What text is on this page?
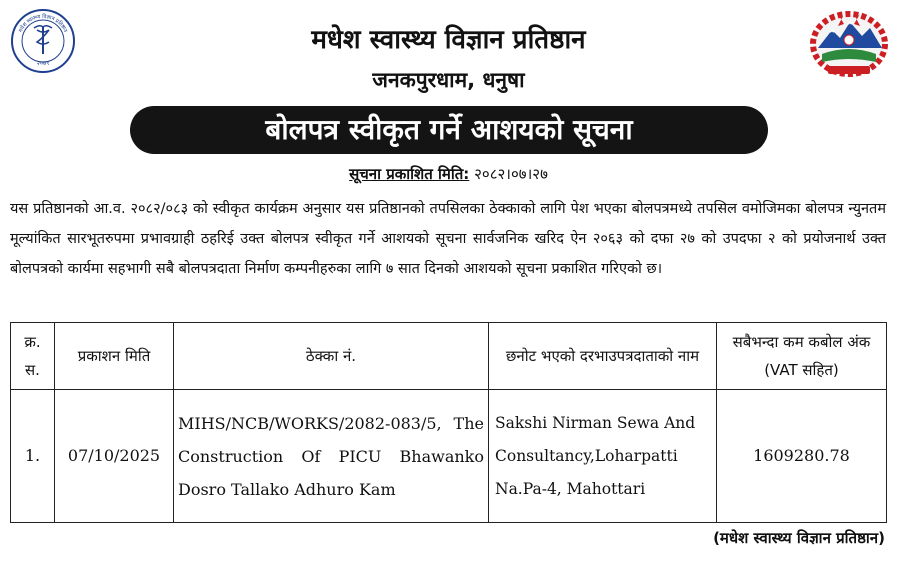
मधेश स्वास्थ्य विज्ञान प्रतिष्ठान
२०७९
मधेश स्वास्थ्य विज्ञान प्रतिष्ठान
जनकपुरधाम, धनुषा
बोलपत्र स्वीकृत गर्ने आशयको सूचना
सूचना प्रकाशित मिति: २०८२।०७।२७
यस प्रतिष्ठानको आ.व. २०८२/०८३ को स्वीकृत कार्यक्रम अनुसार यस प्रतिष्ठानको तपसिलका ठेक्काको लागि पेश भएका बोलपत्रमध्ये तपसिल वमोजिमका बोलपत्र न्युनतम मूल्यांकित सारभूतरुपमा प्रभावग्राही ठहरिई उक्त बोलपत्र स्वीकृत गर्ने आशयको सूचना सार्वजनिक खरिद ऐन २०६३ को दफा २७ को उपदफा २ को प्रयोजनार्थ उक्त बोलपत्रको कार्यमा सहभागी सबै बोलपत्रदाता निर्माण कम्पनीहरुका लागि ७ सात दिनको आशयको सूचना प्रकाशित गरिएको छ।
क्र. स.	प्रकाशन मिति	ठेक्का नं.	छनोट भएको दरभाउपत्रदाताको नाम	सबैभन्दा कम कबोल अंक (VAT सहित)
1.	07/10/2025	MIHS/NCB/WORKS/2082-083/5, The Construction Of PICU Bhawanko Dosro Tallako Adhuro Kam	Sakshi Nirman Sewa And Consultancy,Loharpatti Na.Pa-4, Mahottari	1609280.78
(मधेश स्वास्थ्य विज्ञान प्रतिष्ठान)
